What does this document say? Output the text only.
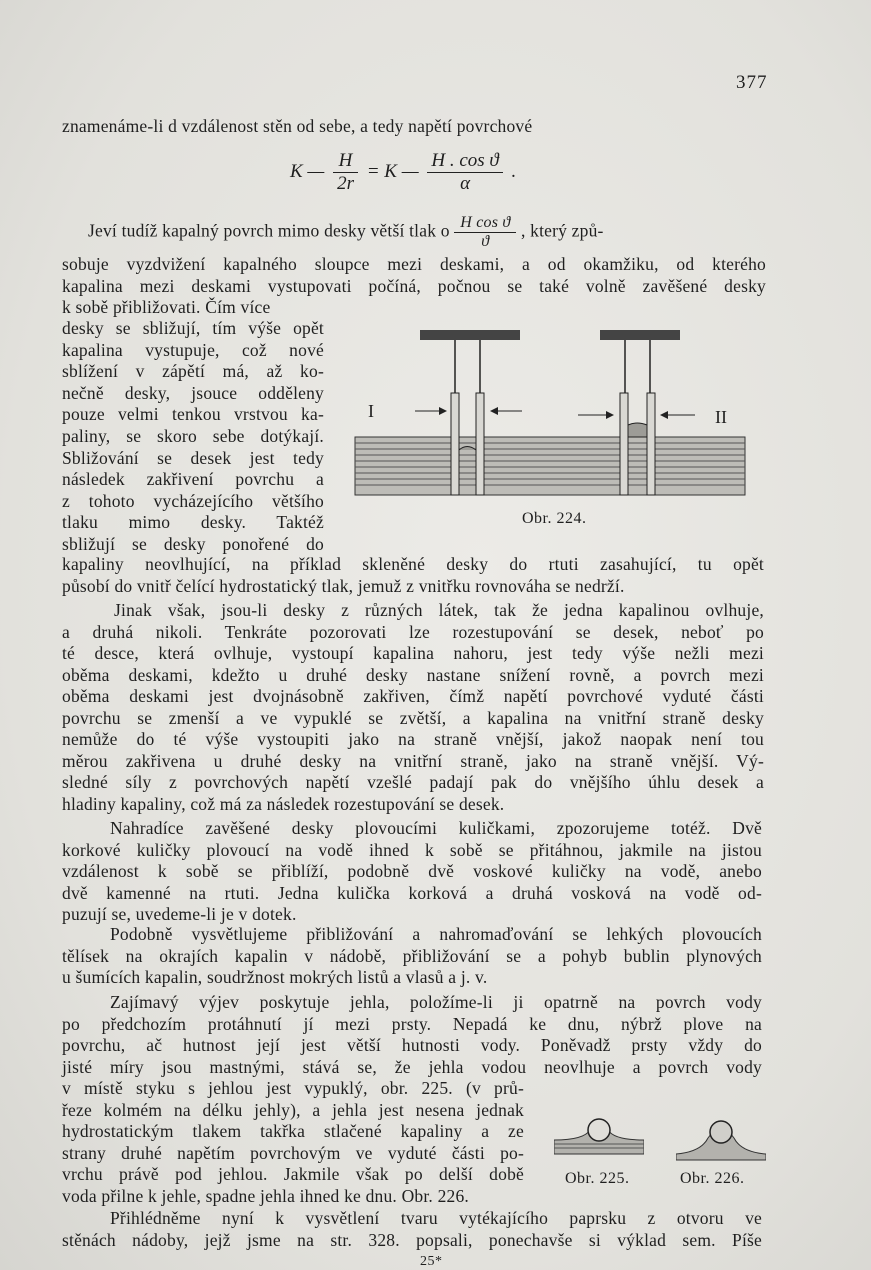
377

znamenáme-li d vzdálenost stěn od sebe, a tedy napětí povrchové

K — $\frac{H}{2r} = K$ — $\frac{\text{H . cos ϑ}}{\alpha}$ .
Jeví tudíž kapalný povrch mimo desky větší tlak o $\frac{\text{H cos ϑ}}{ϑ}$ , který způ-

sobuje vyzdvižení kapalného sloupce mezi deskami, a od okamžiku, od kterého
kapalina mezi deskami vystupovati počíná, počnou se také volně zavěšené desky
k sobě přibližovati. Čím více

desky se sbližují, tím výše opět
kapalina vystupuje, což nové
sblížení v zápětí má, až ko-
nečně desky, jsouce odděleny
pouze velmi tenkou vrstvou ka-
paliny, se skoro sebe dotýkají.
Sbližování se desek jest tedy
následek zakřivení povrchu a
z tohoto vycházejícího většího
tlaku mimo desky. Taktéž
sbližují se desky ponořené do

I	II
Obr. 224.

kapaliny neovlhující, na příklad skleněné desky do rtuti zasahující, tu opět
působí do vnitř čelící hydrostatický tlak, jemuž z vnitřku rovnováha se nedrží.

Jinak však, jsou-li desky z různých látek, tak že jedna kapalinou ovlhuje,
a druhá nikoli. Tenkráte pozorovati lze rozestupování se desek, neboť po
té desce, která ovlhuje, vystoupí kapalina nahoru, jest tedy výše nežli mezi
oběma deskami, kdežto u druhé desky nastane snížení rovně, a povrch mezi
oběma deskami jest dvojnásobně zakřiven, čímž napětí povrchové vyduté části
povrchu se zmenší a ve vypuklé se zvětší, a kapalina na vnitřní straně desky
nemůže do té výše vystoupiti jako na straně vnější, jakož naopak není tou
měrou zakřivena u druhé desky na vnitřní straně, jako na straně vnější. Vý-
sledné síly z povrchových napětí vzešlé padají pak do vnějšího úhlu desek a
hladiny kapaliny, což má za následek rozestupování se desek.

Nahradíce zavěšené desky plovoucími kuličkami, zpozorujeme totéž. Dvě
korkové kuličky plovoucí na vodě ihned k sobě se přitáhnou, jakmile na jistou
vzdálenost k sobě se přiblíží, podobně dvě voskové kuličky na vodě, anebo
dvě kamenné na rtuti. Jedna kulička korková a druhá vosková na vodě od-
puzují se, uvedeme-li je v dotek.

Podobně vysvětlujeme přibližování a nahromaďování se lehkých plovoucích
tělísek na okrajích kapalin v nádobě, přibližování se a pohyb bublin plynových
u šumících kapalin, soudržnost mokrých listů a vlasů a j. v.

Zajímavý výjev poskytuje jehla, položíme-li ji opatrně na povrch vody
po předchozím protáhnutí jí mezi prsty. Nepadá ke dnu, nýbrž plove na
povrchu, ač hutnost její jest větší hutnosti vody. Poněvadž prsty vždy do
jisté míry jsou mastnými, stává se, že jehla vodou neovlhuje a povrch vody

v místě styku s jehlou jest vypuklý, obr. 225. (v prů-
řeze kolmém na délku jehly), a jehla jest nesena jednak
hydrostatickým tlakem takřka stlačené kapaliny a ze
strany druhé napětím povrchovým ve vyduté části po-
vrchu právě pod jehlou. Jakmile však po delší době
voda přilne k jehle, spadne jehla ihned ke dnu. Obr. 226.

Obr. 225.	Obr. 226.

Přihlédněme nyní k vysvětlení tvaru vytékajícího paprsku z otvoru ve
stěnách nádoby, jejž jsme na str. 328. popsali, ponechavše si výklad sem. Píše

25*
